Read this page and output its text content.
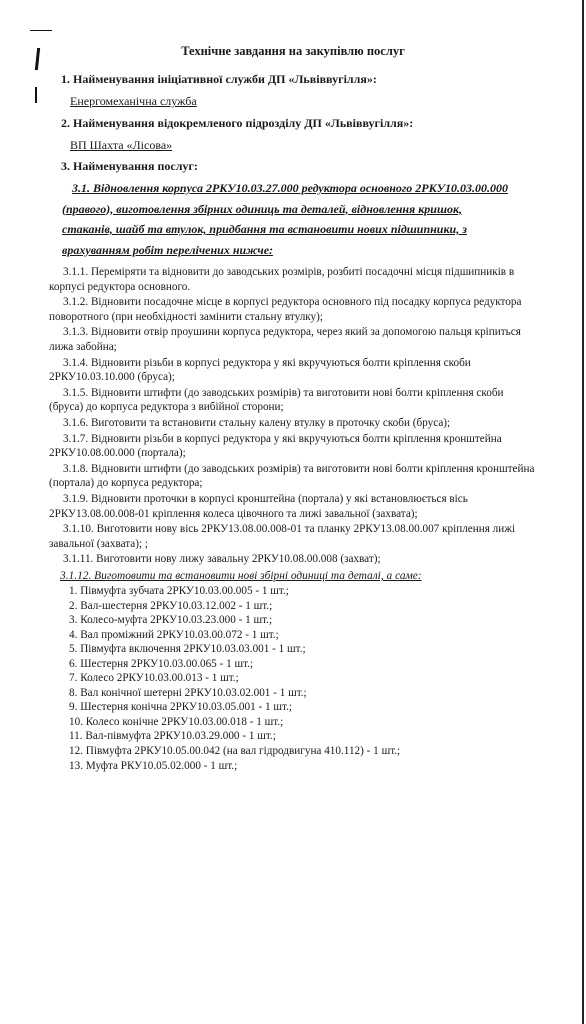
Технічне завдання на закупівлю послуг
1. Найменування ініціативної служби ДП «Львіввугілля»:
Енергомеханічна служба
2. Найменування відокремленого підрозділу ДП «Львіввугілля»:
ВП Шахта «Лісова»
3. Найменування послуг:
3.1. Відновлення корпуса 2РКУ10.03.27.000 редуктора основного 2РКУ10.03.00.000
(правого), виготовлення збірних одиниць та деталей, відновлення кришок,
стаканів, шайб та втулок, придбання та встановити нових підшипники, з
врахуванням робіт перелічених нижче:

3.1.1. Переміряти та відновити до заводських розмірів, розбиті посадочні місця підшипників в корпусі редуктора основного.

3.1.2. Відновити посадочне місце в корпусі редуктора основного під посадку корпуса редуктора поворотного (при необхідності замінити стальну втулку);

3.1.3. Відновити отвір проушини корпуса редуктора, через який за допомогою пальця кріпиться лижа забойна;

3.1.4. Відновити різьби в корпусі редуктора у які вкручуються болти кріплення скоби 2РКУ10.03.10.000 (бруса);

3.1.5. Відновити штифти (до заводських розмірів) та виготовити нові болти кріплення скоби (бруса) до корпуса редуктора з вибійної сторони;

3.1.6. Виготовити та встановити стальну калену втулку в проточку скоби (бруса);

3.1.7. Відновити різьби в корпусі редуктора у які вкручуються болти кріплення кронштейна 2РКУ10.08.00.000 (портала);

3.1.8. Відновити штифти (до заводських розмірів) та виготовити нові болти кріплення кронштейна (портала) до корпуса редуктора;

3.1.9. Відновити проточки в корпусі кронштейна (портала) у які встановлюється вісь 2РКУ13.08.00.008-01 кріплення колеса цівочного та лижі завальної (захвата);

3.1.10. Виготовити нову вісь 2РКУ13.08.00.008-01 та планку 2РКУ13.08.00.007 кріплення лижі завальної (захвата); ;

3.1.11. Виготовити нову лижу завальну 2РКУ10.08.00.008 (захват);

3.1.12. Виготовити та встановити нові збірні одиниці та деталі, а саме:
1. Півмуфта зубчата 2РКУ10.03.00.005 - 1 шт.;
2. Вал-шестерня 2РКУ10.03.12.002 - 1 шт.;
3. Колесо-муфта 2РКУ10.03.23.000 - 1 шт.;
4. Вал проміжний 2РКУ10.03.00.072 - 1 шт.;
5. Півмуфта включення 2РКУ10.03.03.001 - 1 шт.;
6. Шестерня 2РКУ10.03.00.065 - 1 шт.;
7. Колесо 2РКУ10.03.00.013 - 1 шт.;
8. Вал конічної шетерні 2РКУ10.03.02.001 - 1 шт.;
9. Шестерня конічна 2РКУ10.03.05.001 - 1 шт.;
10. Колесо конічне 2РКУ10.03.00.018 - 1 шт.;
11. Вал-півмуфта 2РКУ10.03.29.000 - 1 шт.;
12. Півмуфта 2РКУ10.05.00.042 (на вал гідродвигуна 410.112) - 1 шт.;
13. Муфта РКУ10.05.02.000 - 1 шт.;
